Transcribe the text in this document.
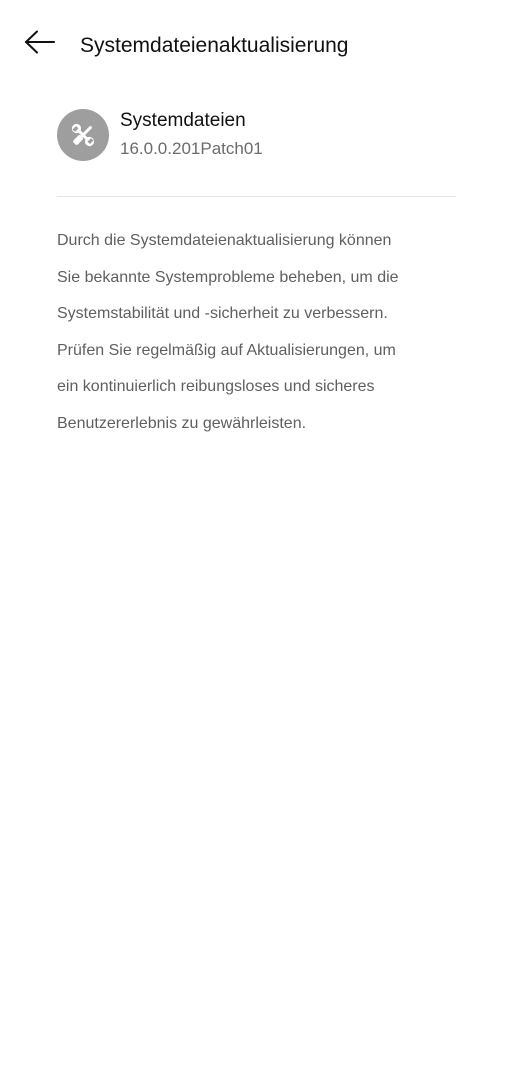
Systemdateienaktualisierung
Systemdateien
16.0.0.201Patch01
Durch die Systemdateienaktualisierung können
Sie bekannte Systemprobleme beheben, um die
Systemstabilität und -sicherheit zu verbessern.
Prüfen Sie regelmäßig auf Aktualisierungen, um
ein kontinuierlich reibungsloses und sicheres
Benutzererlebnis zu gewährleisten.
